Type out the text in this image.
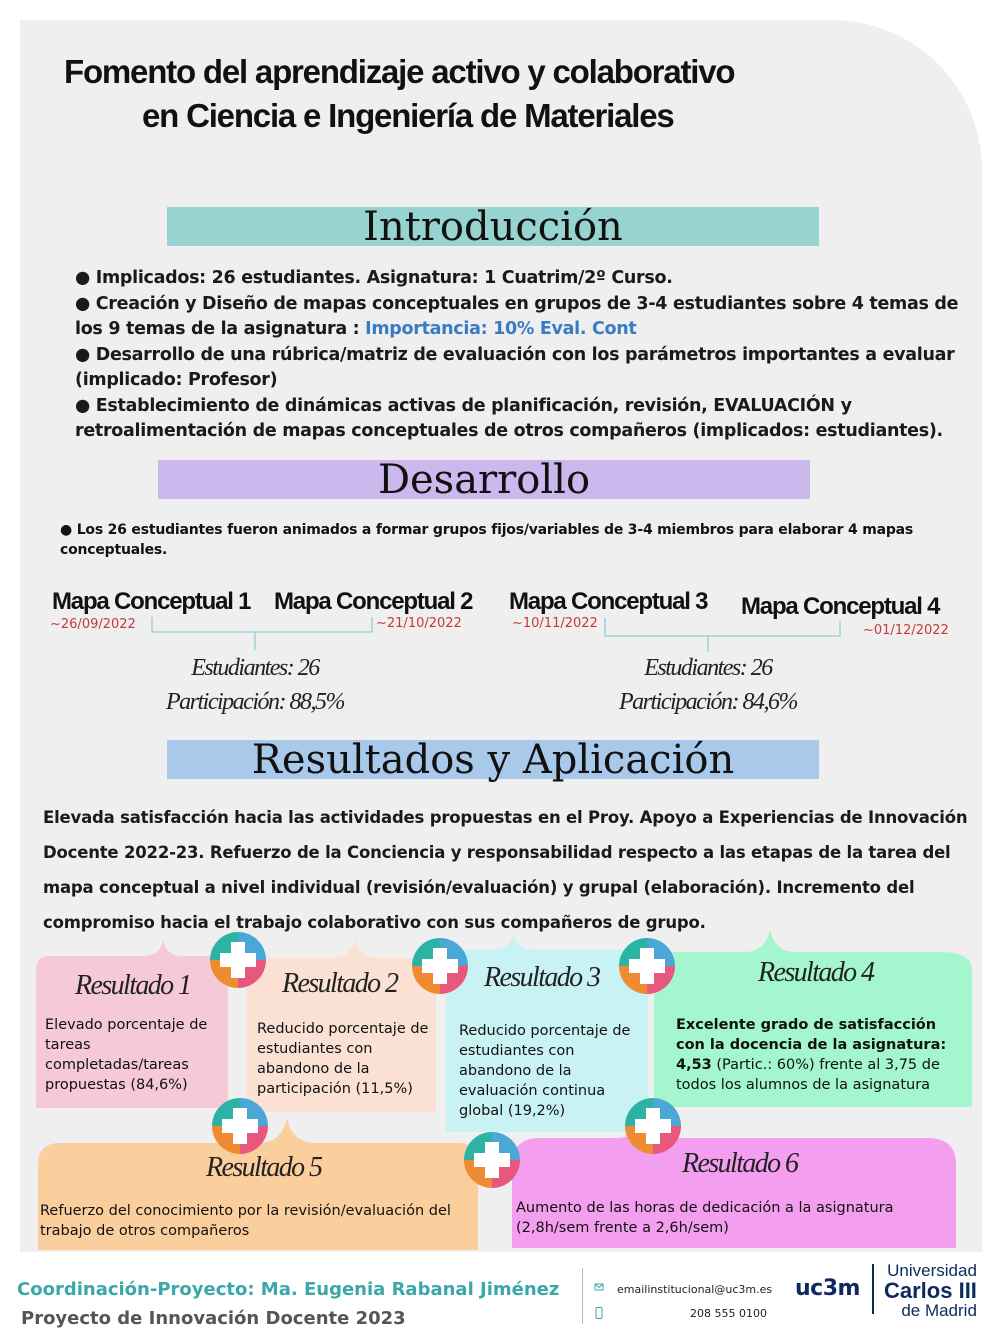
Fomento del aprendizaje activo y colaborativo
en Ciencia e Ingeniería de Materiales
Introducción

● Implicados: 26 estudiantes. Asignatura: 1 Cuatrim/2º Curso.

● Creación y Diseño de mapas conceptuales en grupos de 3-4 estudiantes sobre 4 temas de los 9 temas de la asignatura : Importancia: 10% Eval. Cont

● Desarrollo de una rúbrica/matriz de evaluación con los parámetros importantes a evaluar (implicado: Profesor)

● Establecimiento de dinámicas activas de planificación, revisión, EVALUACIÓN y retroalimentación de mapas conceptuales de otros compañeros (implicados: estudiantes).

Desarrollo
● Los 26 estudiantes fueron animados a formar grupos fijos/variables de 3-4 miembros para elaborar 4 mapas conceptuales.
Mapa Conceptual 1
~26/09/2022
Mapa Conceptual 2
~21/10/2022
Mapa Conceptual 3
~10/11/2022
Mapa Conceptual 4
~01/12/2022
Estudiantes: 26
Participación: 88,5%
Estudiantes: 26
Participación: 84,6%
Resultados y Aplicación
Elevada satisfacción hacia las actividades propuestas en el Proy. Apoyo a Experiencias de Innovación Docente 2022-23. Refuerzo de la Conciencia y responsabilidad respecto a las etapas de la tarea del mapa conceptual a nivel individual (revisión/evaluación) y grupal (elaboración). Incremento del compromiso hacia el trabajo colaborativo con sus compañeros de grupo.
Resultado 1
Elevado porcentaje de tareas completadas/tareas propuestas (84,6%)
Resultado 2
Reducido porcentaje de estudiantes con abandono de la participación (11,5%)
Resultado 3
Reducido porcentaje de estudiantes con abandono de la evaluación continua global (19,2%)
Resultado 4
Excelente grado de satisfacción con la docencia de la asignatura: 4,53 (Partic.: 60%) frente al 3,75 de todos los alumnos de la asignatura
Resultado 5
Refuerzo del conocimiento por la revisión/evaluación del trabajo de otros compañeros
Resultado 6
Aumento de las horas de dedicación a la asignatura (2,8h/sem frente a 2,6h/sem)
Coordinación-Proyecto: Ma. Eugenia Rabanal Jiménez
Proyecto de Innovación Docente 2023
emailinstitucional@uc3m.es
208 555 0100
uc3m
Universidad
Carlos III
de Madrid
